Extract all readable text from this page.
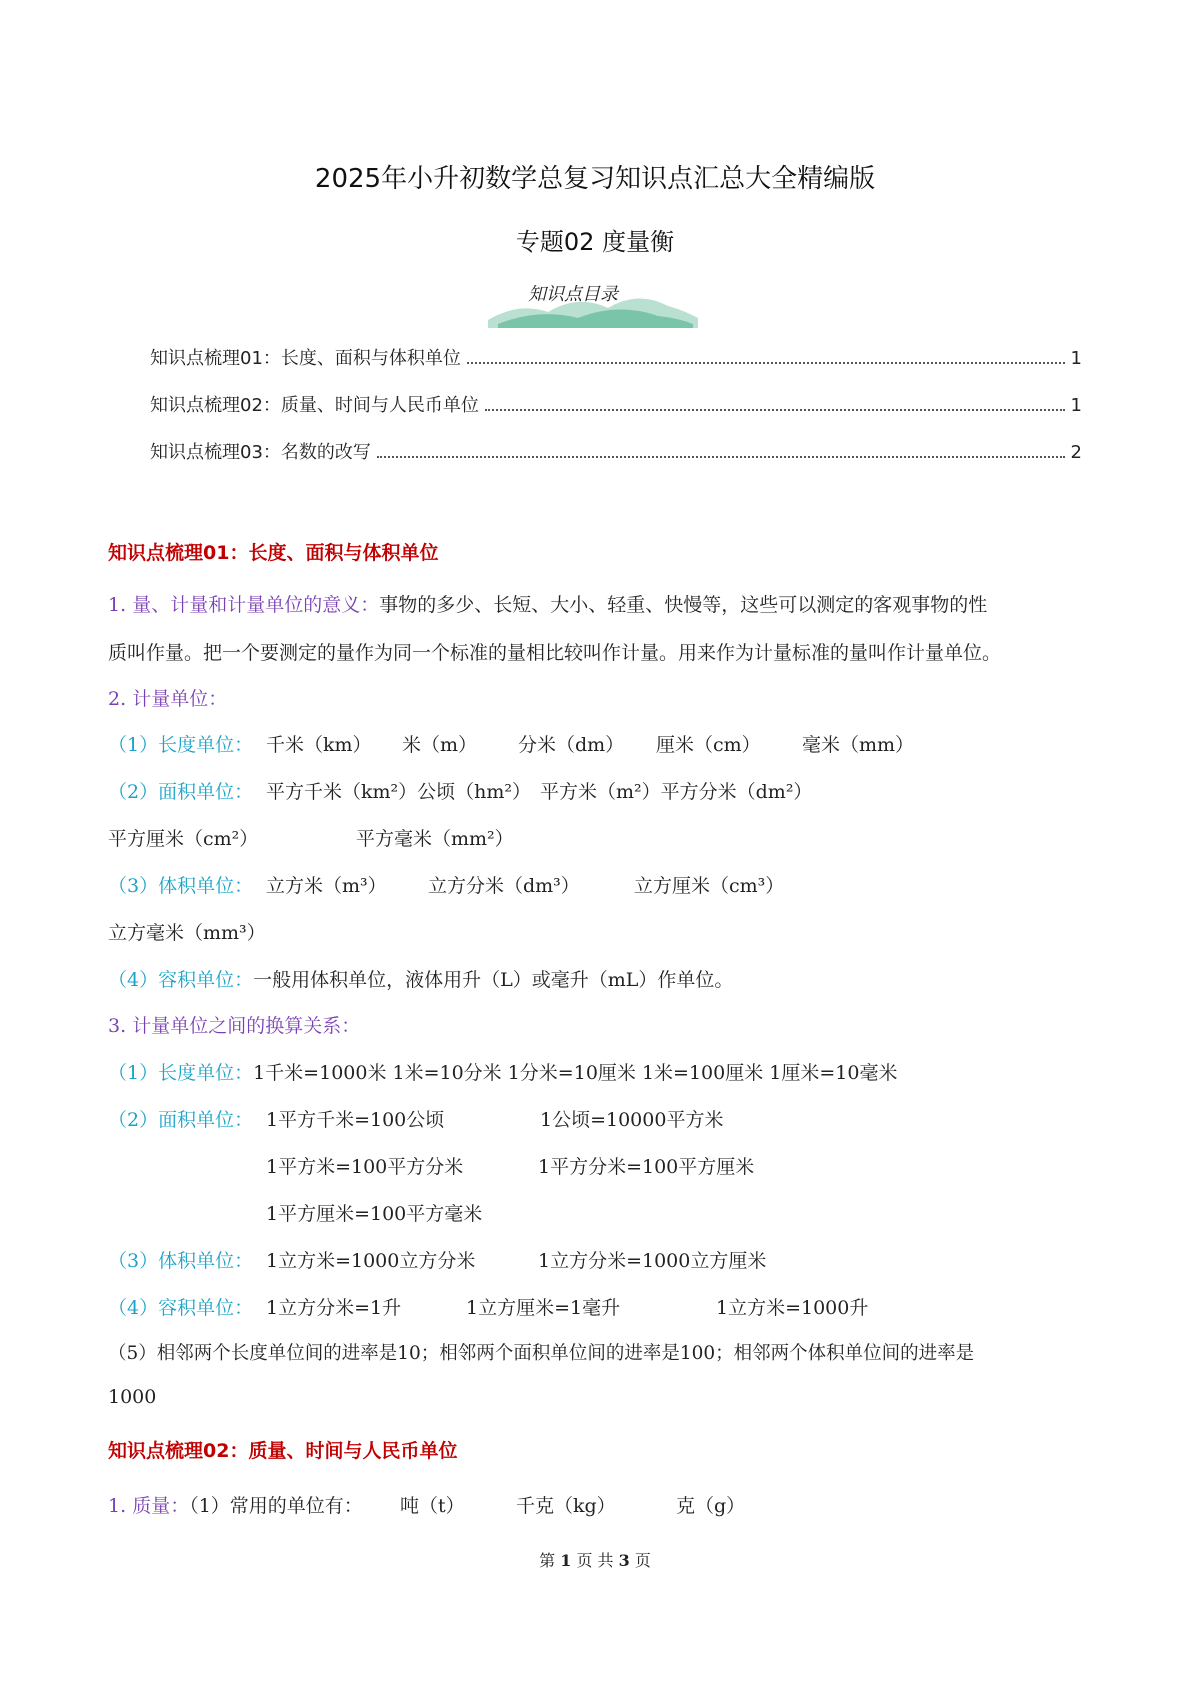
2025年小升初数学总复习知识点汇总大全精编版
专题02 度量衡
知识点目录
知识点梳理01：长度、面积与体积单位	1
知识点梳理02：质量、时间与人民币单位	1
知识点梳理03：名数的改写	2
知识点梳理01：长度、面积与体积单位
1. 量、计量和计量单位的意义：事物的多少、长短、大小、轻重、快慢等，这些可以测定的客观事物的性
质叫作量。把一个要测定的量作为同一个标准的量相比较叫作计量。用来作为计量标准的量叫作计量单位。
2. 计量单位：
（1）长度单位： 千米（km） 米（m） 分米（dm） 厘米（cm） 毫米（mm）
（2）面积单位： 平方千米（km²）公顷（hm²） 平方米（m²）平方分米（dm²）
平方厘米（cm²）	平方毫米（mm²）
（3）体积单位： 立方米（m³） 立方分米（dm³）	立方厘米（cm³）
立方毫米（mm³）
（4）容积单位：一般用体积单位，液体用升（L）或毫升（mL）作单位。
3. 计量单位之间的换算关系：
（1）长度单位：1千米=1000米 1米=10分米 1分米=10厘米 1米=100厘米 1厘米=10毫米
（2）面积单位： 1平方千米=100公顷	1公顷=10000平方米
1平方米=100平方分米	1平方分米=100平方厘米
1平方厘米=100平方毫米
（3）体积单位： 1立方米=1000立方分米	1立方分米=1000立方厘米
（4）容积单位： 1立方分米=1升	1立方厘米=1毫升	1立方米=1000升
（5）相邻两个长度单位间的进率是10；相邻两个面积单位间的进率是100；相邻两个体积单位间的进率是
1000
知识点梳理02：质量、时间与人民币单位
1. 质量：（1）常用的单位有： 吨（t）	千克（kg）	克（g）
第 1 页 共 3 页
